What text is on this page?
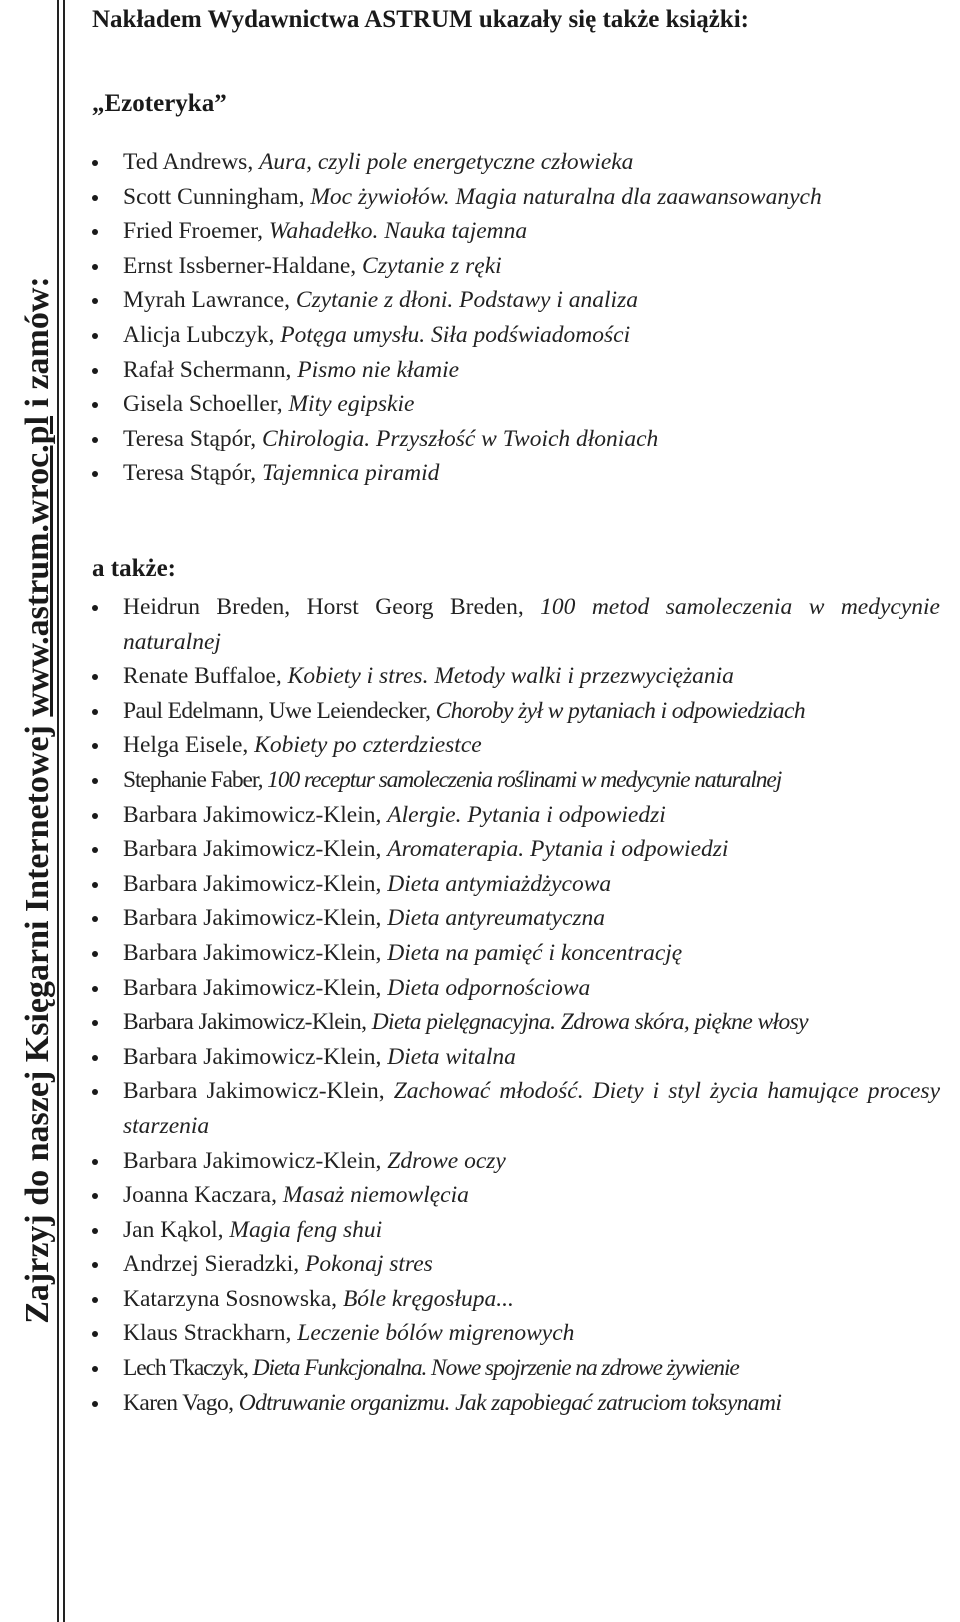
Zajrzyj do naszej Księgarni Internetowej www.astrum.wroc.pl i zamów:
Nakładem Wydawnictwa ASTRUM ukazały się także książki:
„Ezoteryka”
Ted Andrews, Aura, czyli pole energetyczne człowieka
Scott Cunningham, Moc żywiołów. Magia naturalna dla zaawansowanych
Fried Froemer, Wahadełko. Nauka tajemna
Ernst Issberner-Haldane, Czytanie z ręki
Myrah Lawrance, Czytanie z dłoni. Podstawy i analiza
Alicja Lubczyk, Potęga umysłu. Siła podświadomości
Rafał Schermann, Pismo nie kłamie
Gisela Schoeller, Mity egipskie
Teresa Stąpór, Chirologia. Przyszłość w Twoich dłoniach
Teresa Stąpór, Tajemnica piramid
a także:
Heidrun Breden, Horst Georg Breden, 100 metod samoleczenia w medycynie naturalnej
Renate Buffaloe, Kobiety i stres. Metody walki i przezwyciężania
Paul Edelmann, Uwe Leiendecker, Choroby żył w pytaniach i odpowiedziach
Helga Eisele, Kobiety po czterdziestce
Stephanie Faber, 100 receptur samoleczenia roślinami w medycynie naturalnej
Barbara Jakimowicz-Klein, Alergie. Pytania i odpowiedzi
Barbara Jakimowicz-Klein, Aromaterapia. Pytania i odpowiedzi
Barbara Jakimowicz-Klein, Dieta antymiażdżycowa
Barbara Jakimowicz-Klein, Dieta antyreumatyczna
Barbara Jakimowicz-Klein, Dieta na pamięć i koncentrację
Barbara Jakimowicz-Klein, Dieta odpornościowa
Barbara Jakimowicz-Klein, Dieta pielęgnacyjna. Zdrowa skóra, piękne włosy
Barbara Jakimowicz-Klein, Dieta witalna
Barbara Jakimowicz-Klein, Zachować młodość. Diety i styl życia hamujące procesy starzenia
Barbara Jakimowicz-Klein, Zdrowe oczy
Joanna Kaczara, Masaż niemowlęcia
Jan Kąkol, Magia feng shui
Andrzej Sieradzki, Pokonaj stres
Katarzyna Sosnowska, Bóle kręgosłupa...
Klaus Strackharn, Leczenie bólów migrenowych
Lech Tkaczyk, Dieta Funkcjonalna. Nowe spojrzenie na zdrowe żywienie
Karen Vago, Odtruwanie organizmu. Jak zapobiegać zatruciom toksynami
